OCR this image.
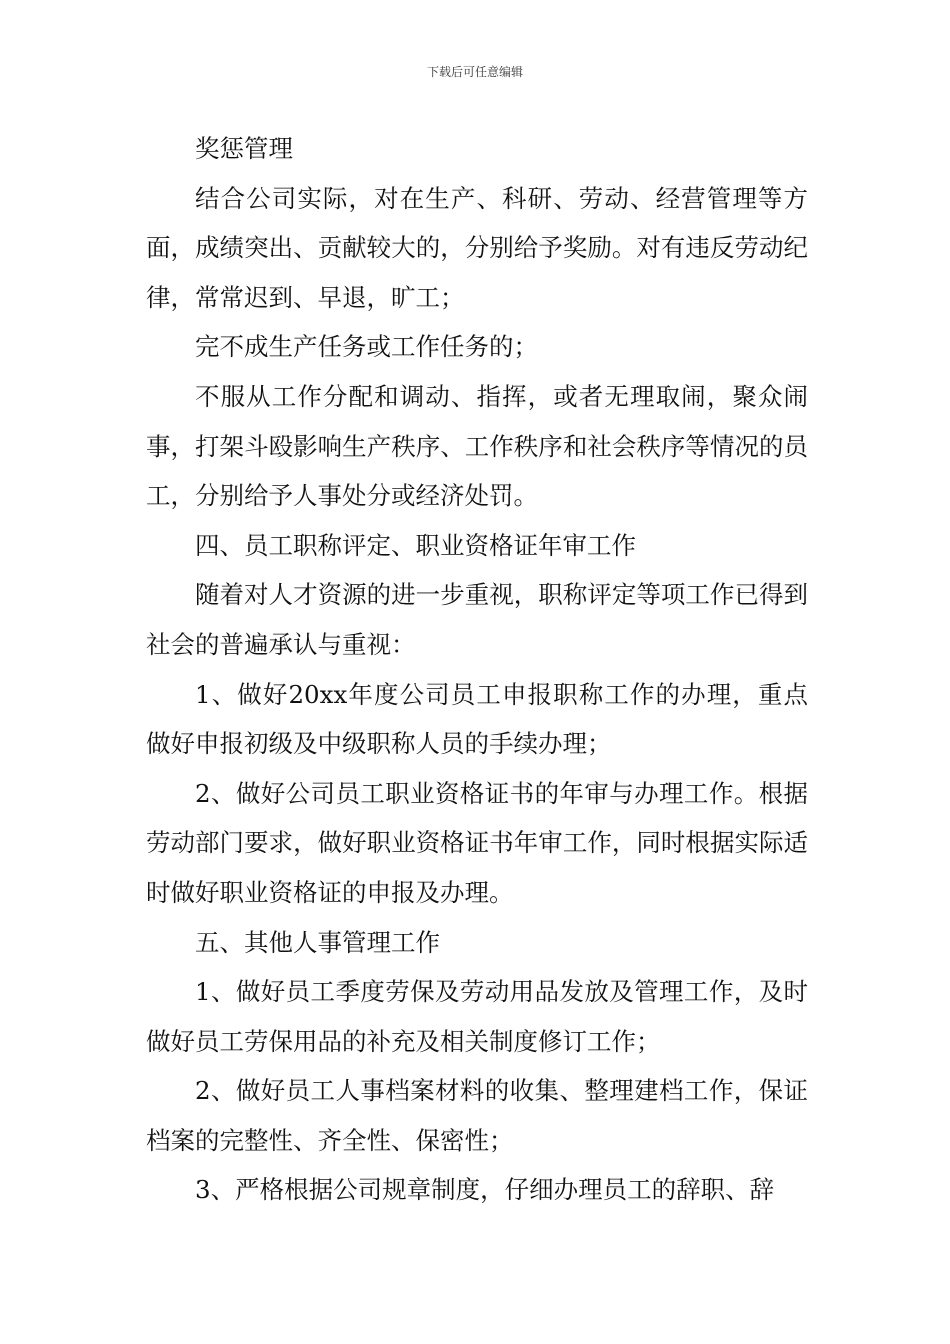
下载后可任意编辑

奖惩管理

结合公司实际，对在生产、科研、劳动、经营管理等方面，成绩突出、贡献较大的，分别给予奖励。对有违反劳动纪律，常常迟到、早退，旷工；

完不成生产任务或工作任务的；

不服从工作分配和调动、指挥，或者无理取闹，聚众闹事，打架斗殴影响生产秩序、工作秩序和社会秩序等情况的员工，分别给予人事处分或经济处罚。

四、员工职称评定、职业资格证年审工作

随着对人才资源的进一步重视，职称评定等项工作已得到社会的普遍承认与重视：

1、做好20xx年度公司员工申报职称工作的办理，重点做好申报初级及中级职称人员的手续办理；

2、做好公司员工职业资格证书的年审与办理工作。根据劳动部门要求，做好职业资格证书年审工作，同时根据实际适时做好职业资格证的申报及办理。

五、其他人事管理工作

1、做好员工季度劳保及劳动用品发放及管理工作，及时做好员工劳保用品的补充及相关制度修订工作；

2、做好员工人事档案材料的收集、整理建档工作，保证档案的完整性、齐全性、保密性；

3、严格根据公司规章制度，仔细办理员工的辞职、辞
